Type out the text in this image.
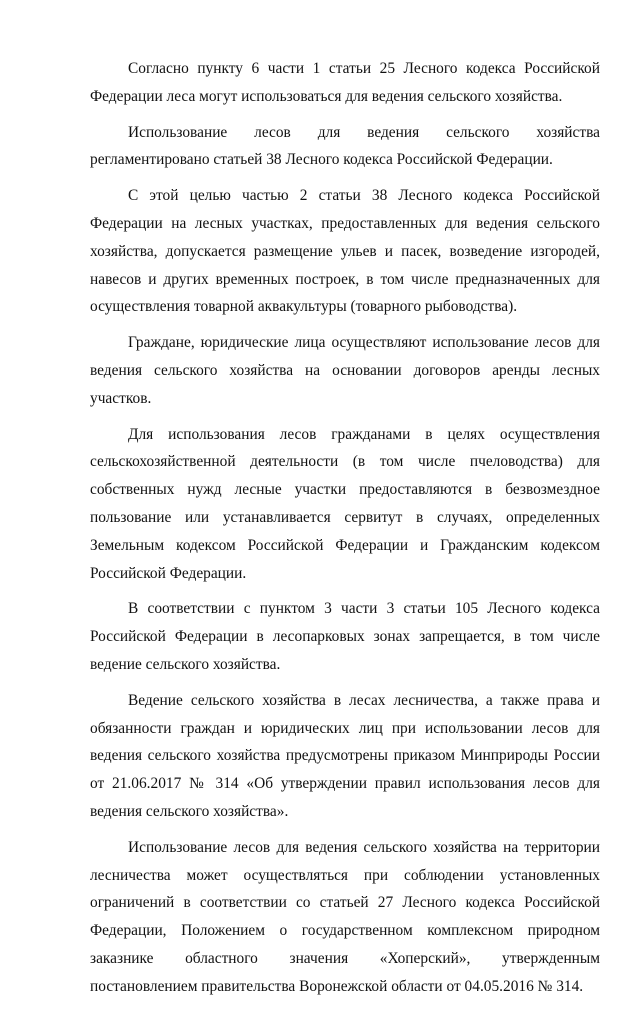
Согласно пункту 6 части 1 статьи 25 Лесного кодекса Российской Федерации леса могут использоваться для ведения сельского хозяйства.

Использование лесов для ведения сельского хозяйства регламентировано статьей 38 Лесного кодекса Российской Федерации.

С этой целью частью 2 статьи 38 Лесного кодекса Российской Федерации на лесных участках, предоставленных для ведения сельского хозяйства, допускается размещение ульев и пасек, возведение изгородей, навесов и других временных построек, в том числе предназначенных для осуществления товарной аквакультуры (товарного рыбоводства).

Граждане, юридические лица осуществляют использование лесов для ведения сельского хозяйства на основании договоров аренды лесных участков.

Для использования лесов гражданами в целях осуществления сельскохозяйственной деятельности (в том числе пчеловодства) для собственных нужд лесные участки предоставляются в безвозмездное пользование или устанавливается сервитут в случаях, определенных Земельным кодексом Российской Федерации и Гражданским кодексом Российской Федерации.

В соответствии с пунктом 3 части 3 статьи 105 Лесного кодекса Российской Федерации в лесопарковых зонах запрещается, в том числе ведение сельского хозяйства.

Ведение сельского хозяйства в лесах лесничества, а также права и обязанности граждан и юридических лиц при использовании лесов для ведения сельского хозяйства предусмотрены приказом Минприроды России от 21.06.2017 № 314 «Об утверждении правил использования лесов для ведения сельского хозяйства».

Использование лесов для ведения сельского хозяйства на территории лесничества может осуществляться при соблюдении установленных ограничений в соответствии со статьей 27 Лесного кодекса Российской Федерации, Положением о государственном комплексном природном заказнике областного значения «Хоперский», утвержденным постановлением правительства Воронежской области от 04.05.2016 № 314.
